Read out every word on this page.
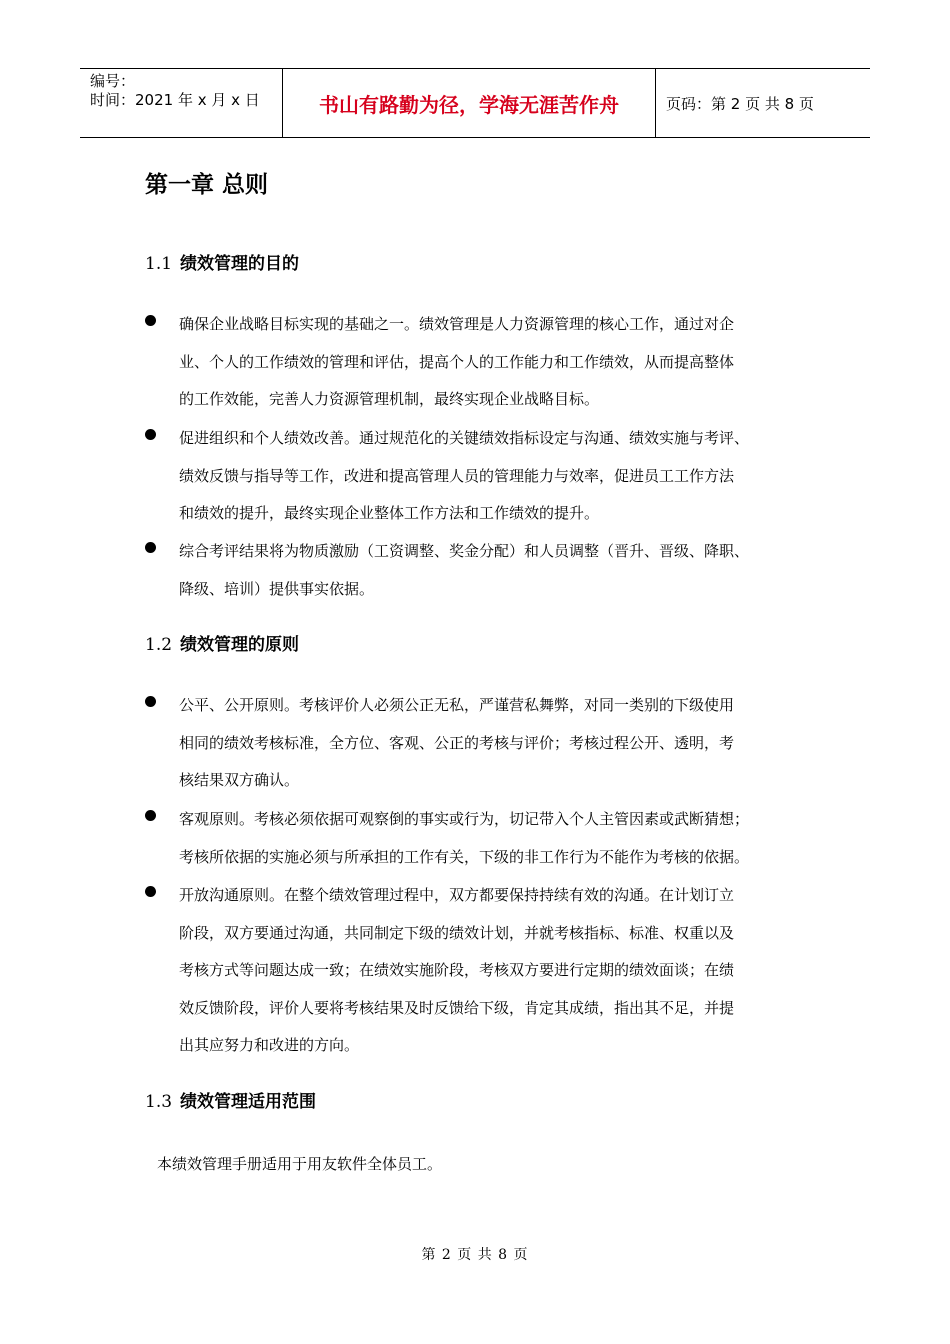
编号：
时间：2021 年 x 月 x 日	书山有路勤为径，学海无涯苦作舟	页码：第 2 页 共 8 页
第一章 总则
1.1 绩效管理的目的
确保企业战略目标实现的基础之一。绩效管理是人力资源管理的核心工作，通过对企
业、个人的工作绩效的管理和评估，提高个人的工作能力和工作绩效，从而提高整体
的工作效能，完善人力资源管理机制，最终实现企业战略目标。
促进组织和个人绩效改善。通过规范化的关键绩效指标设定与沟通、绩效实施与考评、
绩效反馈与指导等工作，改进和提高管理人员的管理能力与效率，促进员工工作方法
和绩效的提升，最终实现企业整体工作方法和工作绩效的提升。
综合考评结果将为物质激励（工资调整、奖金分配）和人员调整（晋升、晋级、降职、
降级、培训）提供事实依据。
1.2 绩效管理的原则
公平、公开原则。考核评价人必须公正无私，严谨营私舞弊，对同一类别的下级使用
相同的绩效考核标准，全方位、客观、公正的考核与评价；考核过程公开、透明，考
核结果双方确认。
客观原则。考核必须依据可观察倒的事实或行为，切记带入个人主管因素或武断猜想；
考核所依据的实施必须与所承担的工作有关，下级的非工作行为不能作为考核的依据。
开放沟通原则。在整个绩效管理过程中，双方都要保持持续有效的沟通。在计划订立
阶段，双方要通过沟通，共同制定下级的绩效计划，并就考核指标、标准、权重以及
考核方式等问题达成一致；在绩效实施阶段，考核双方要进行定期的绩效面谈；在绩
效反馈阶段，评价人要将考核结果及时反馈给下级，肯定其成绩，指出其不足，并提
出其应努力和改进的方向。
1.3 绩效管理适用范围
本绩效管理手册适用于用友软件全体员工。
第 2 页 共 8 页
